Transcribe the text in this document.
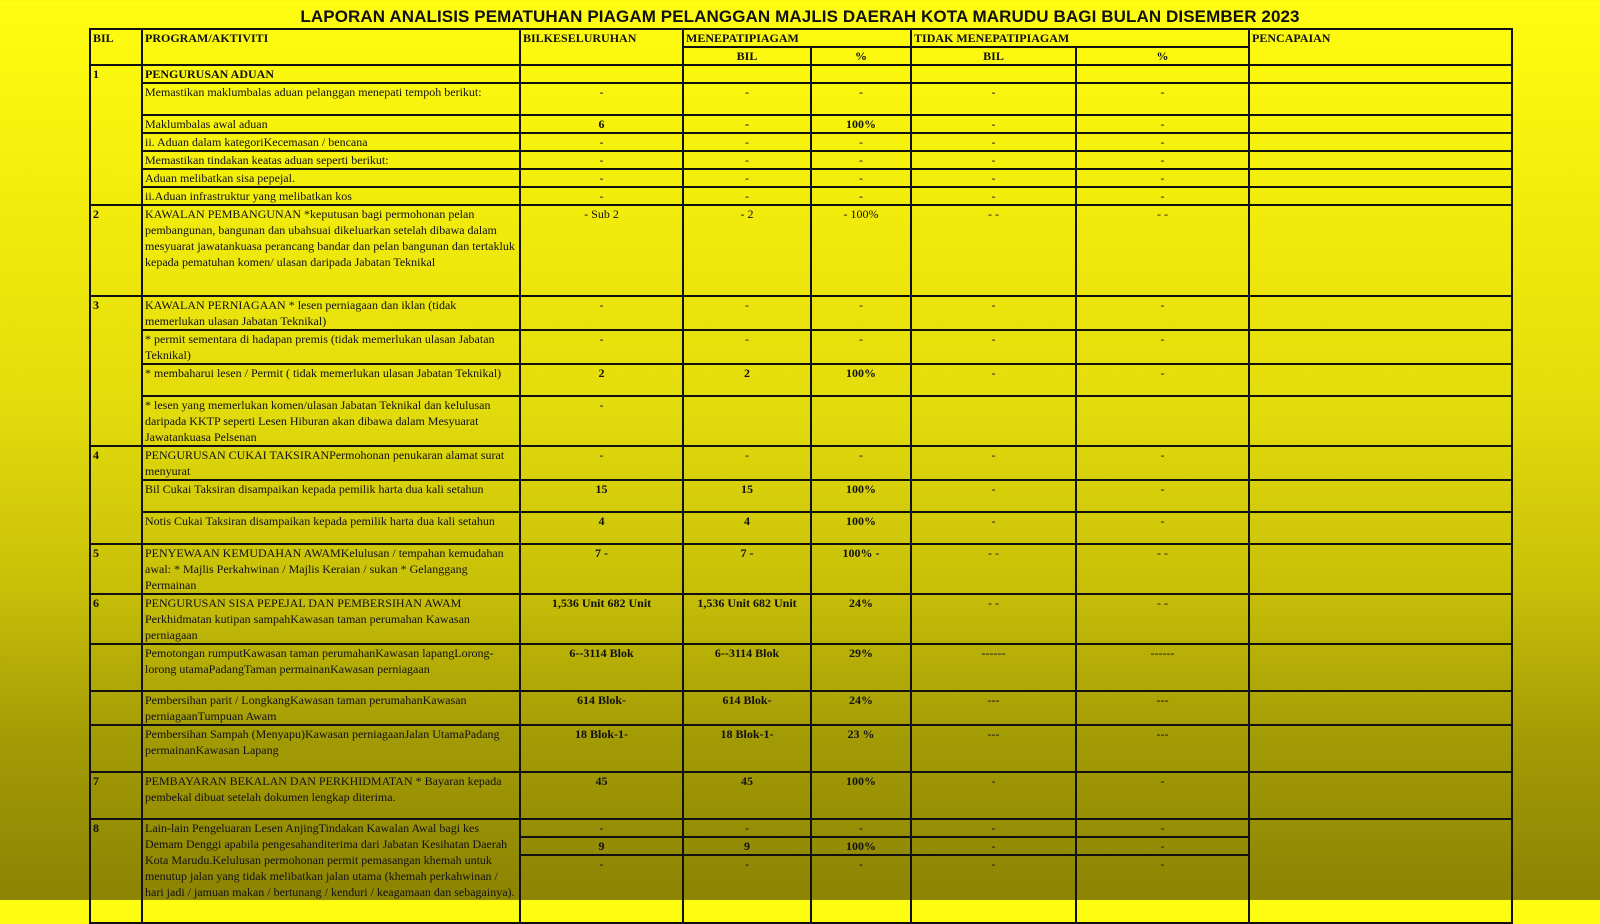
LAPORAN ANALISIS PEMATUHAN PIAGAM PELANGGAN MAJLIS DAERAH KOTA MARUDU BAGI BULAN DISEMBER 2023
BIL	PROGRAM/AKTIVITI	BILKESELURUHAN	MENEPATIPIAGAM		TIDAK MENEPATIPIAGAM		PENCAPAIAN
			BIL	%	BIL	%	
1	PENGURUSAN ADUAN						
	Memastikan maklumbalas aduan pelanggan menepati tempoh berikut:	-	-	-	-	-	
	Maklumbalas awal aduan	6	-	100%	-	-	
	ii. Aduan dalam kategoriKecemasan / bencana	-	-	-	-	-	
	Memastikan tindakan keatas aduan seperti berikut:	-	-	-	-	-	
	Aduan melibatkan sisa pepejal.	-	-	-	-	-	
	ii.Aduan infrastruktur yang melibatkan kos	-	-	-	-	-	
2	KAWALAN PEMBANGUNAN *keputusan bagi permohonan pelan pembangunan, bangunan dan ubahsuai dikeluarkan setelah dibawa dalam mesyuarat jawatankuasa perancang bandar dan pelan bangunan dan tertakluk kepada pematuhan komen/ ulasan daripada Jabatan Teknikal	- Sub 2	- 2	- 100%	- -	- -	
3	KAWALAN PERNIAGAAN * lesen perniagaan dan iklan (tidak memerlukan ulasan Jabatan Teknikal)	-	-	-	-	-	
	* permit sementara di hadapan premis (tidak memerlukan ulasan Jabatan Teknikal)	-	-	-	-	-	
	* membaharui lesen / Permit ( tidak memerlukan ulasan Jabatan Teknikal)	2	2	100%	-	-	
	* lesen yang memerlukan komen/ulasan Jabatan Teknikal dan kelulusan daripada KKTP seperti Lesen Hiburan akan dibawa dalam Mesyuarat Jawatankuasa Pelsenan	-					
4	PENGURUSAN CUKAI TAKSIRANPermohonan penukaran alamat surat menyurat	-	-	-	-	-	
	Bil Cukai Taksiran disampaikan kepada pemilik harta dua kali setahun	15	15	100%	-	-	
	Notis Cukai Taksiran disampaikan kepada pemilik harta dua kali setahun	4	4	100%	-	-	
5	PENYEWAAN KEMUDAHAN AWAMKelulusan / tempahan kemudahan awal: * Majlis Perkahwinan / Majlis Keraian / sukan * Gelanggang Permainan	7 -	7 -	100% -	- -	- -	
6	PENGURUSAN SISA PEPEJAL DAN PEMBERSIHAN AWAM Perkhidmatan kutipan sampahKawasan taman perumahan Kawasan perniagaan	1,536 Unit 682 Unit	1,536 Unit 682 Unit	24%	- -	- -	
	Pemotongan rumputKawasan taman perumahanKawasan lapangLorong-lorong utamaPadangTaman permainanKawasan perniagaan	6--3114 Blok	6--3114 Blok	29%	------	------	
	Pembersihan parit / LongkangKawasan taman perumahanKawasan perniagaanTumpuan Awam	614 Blok-	614 Blok-	24%	---	---	
	Pembersihan Sampah (Menyapu)Kawasan perniagaanJalan UtamaPadang permainanKawasan Lapang	18 Blok-1-	18 Blok-1-	23 %	---	---	
7	PEMBAYARAN BEKALAN DAN PERKHIDMATAN * Bayaran kepada pembekal dibuat setelah dokumen lengkap diterima.	45	45	100%	-	-	
8	Lain-lain Pengeluaran Lesen AnjingTindakan Kawalan Awal bagi kes Demam Denggi apabila pengesahanditerima dari Jabatan Kesihatan Daerah Kota Marudu.Kelulusan permohonan permit pemasangan khemah untuk menutup jalan yang tidak melibatkan jalan utama (khemah perkahwinan / hari jadi / jamuan makan / bertunang / kenduri / keagamaan dan sebagainya).	-	-	-	-	-	
		9	9	100%	-	-	
		-	-	-	-	-	
